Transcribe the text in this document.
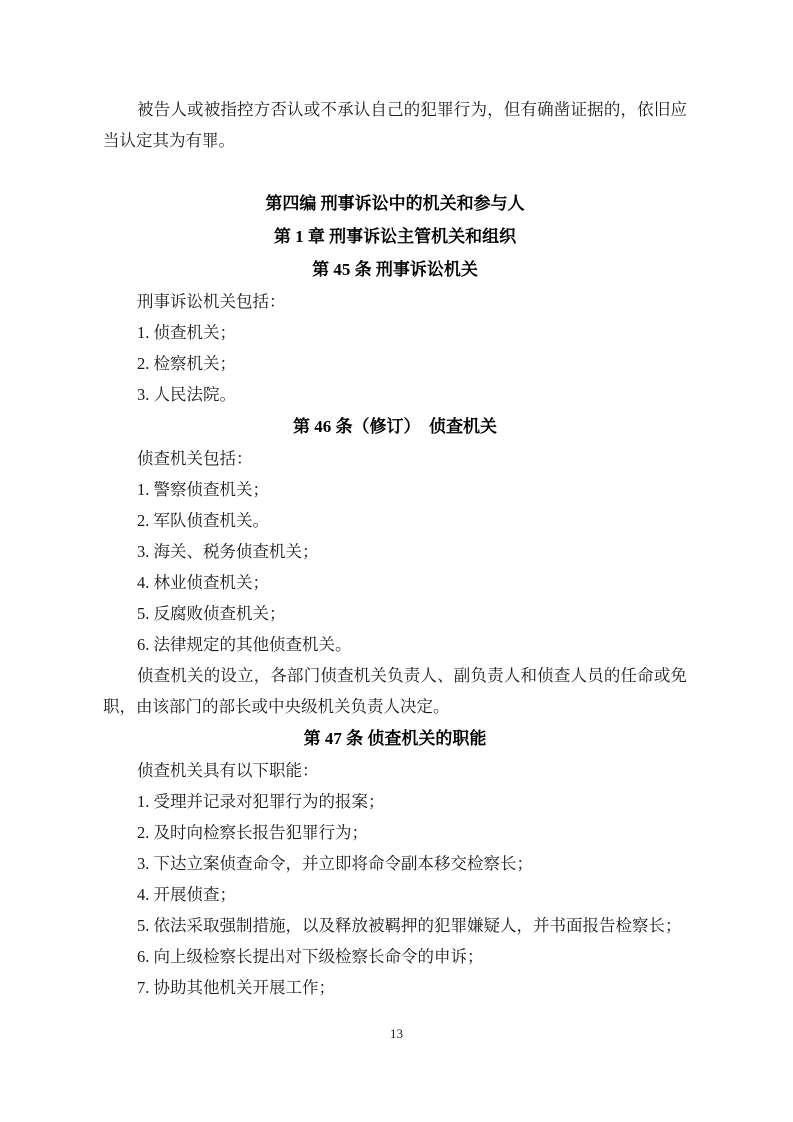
被告人或被指控方否认或不承认自己的犯罪行为，但有确凿证据的，依旧应当认定其为有罪。

第四编 刑事诉讼中的机关和参与人
第 1 章 刑事诉讼主管机关和组织
第 45 条 刑事诉讼机关
刑事诉讼机关包括：
1. 侦查机关；
2. 检察机关；
3. 人民法院。
第 46 条（修订）　侦查机关
侦查机关包括：
1. 警察侦查机关；
2. 军队侦查机关。
3. 海关、税务侦查机关；
4. 林业侦查机关；
5. 反腐败侦查机关；
6. 法律规定的其他侦查机关。

侦查机关的设立，各部门侦查机关负责人、副负责人和侦查人员的任命或免职，由该部门的部长或中央级机关负责人决定。

第 47 条 侦查机关的职能
侦查机关具有以下职能：
1. 受理并记录对犯罪行为的报案；
2. 及时向检察长报告犯罪行为；
3. 下达立案侦查命令，并立即将命令副本移交检察长；
4. 开展侦查；
5. 依法采取强制措施，以及释放被羁押的犯罪嫌疑人，并书面报告检察长；
6. 向上级检察长提出对下级检察长命令的申诉；
7. 协助其他机关开展工作；
13
